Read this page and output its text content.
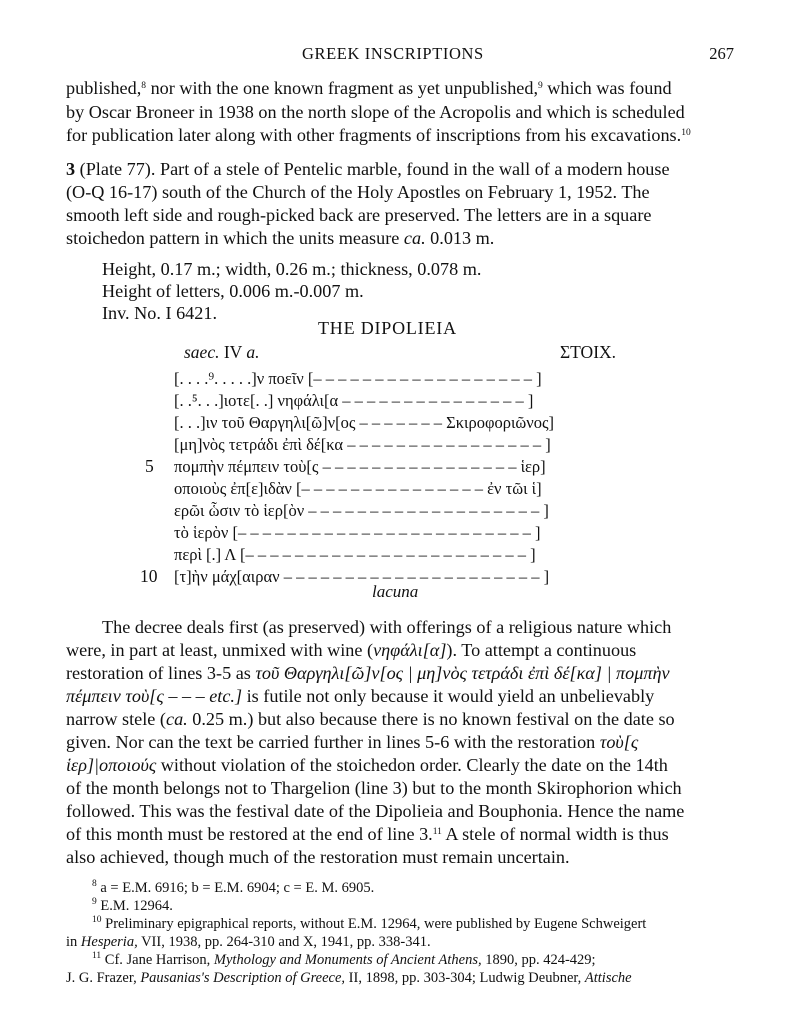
GREEK INSCRIPTIONS	267
published,$^8$ nor with the one known fragment as yet unpublished,$^9$ which was found
by Oscar Broneer in 1938 on the north slope of the Acropolis and which is scheduled
for publication later along with other fragments of inscriptions from his excavations.$^{10}$
3 (Plate 77). Part of a stele of Pentelic marble, found in the wall of a modern house
(O-Q 16-17) south of the Church of the Holy Apostles on February 1, 1952. The
smooth left side and rough-picked back are preserved. The letters are in a square
stoichedon pattern in which the units measure ca. 0.013 m.
Height, 0.17 m.; width, 0.26 m.; thickness, 0.078 m.
Height of letters, 0.006 m.-0.007 m.
Inv. No. I 6421.
THE DIPOLIEIA
saec. IV a.	ΣΤΟΙΧ.
[. . . .⁹. . . . .]ν ποεῖν [– – – – – – – – – – – – – – – – – – ]
[. .⁵. . .]ιοτε[. .] νηφάλι[α – – – – – – – – – – – – – – – ]
[. . .]ιν τοῦ Θαργηλι[ῶ]ν[ος – – – – – – – Σκιροφοριῶνος]
[μη]νὸς τετράδι ἐπὶ δέ[κα – – – – – – – – – – – – – – – – ]
5 πομπὴν πέμπειν τοὺ[ς – – – – – – – – – – – – – – – – ἱερ]
οποιοὺς ἐπ[ε]ιδὰν [– – – – – – – – – – – – – – – ἐν τῶι ἱ]
ερῶι ὧσιν τὸ ἱερ[ὸν – – – – – – – – – – – – – – – – – – – ]
τὸ ἱερὸν [– – – – – – – – – – – – – – – – – – – – – – – – ]
περὶ [.] Λ [– – – – – – – – – – – – – – – – – – – – – – – ]
10 [τ]ὴν μάχ[αιραν – – – – – – – – – – – – – – – – – – – – – ]
lacuna
The decree deals first (as preserved) with offerings of a religious nature which
were, in part at least, unmixed with wine (νηφάλι[α]). To attempt a continuous
restoration of lines 3-5 as τοῦ Θαργηλι[ῶ]ν[ος | μη]νὸς τετράδι ἐπὶ δέ[κα] | πομπὴν
πέμπειν τοὺ[ς – – – etc.] is futile not only because it would yield an unbelievably
narrow stele (ca. 0.25 m.) but also because there is no known festival on the date so
given. Nor can the text be carried further in lines 5-6 with the restoration τοὺ[ς
ἱερ]|οποιούς without violation of the stoichedon order. Clearly the date on the 14th
of the month belongs not to Thargelion (line 3) but to the month Skirophorion which
followed. This was the festival date of the Dipolieia and Bouphonia. Hence the name
of this month must be restored at the end of line 3.11 A stele of normal width is thus
also achieved, though much of the restoration must remain uncertain.
$^8$ a = E.M. 6916; b = E.M. 6904; c = E. M. 6905.
$^9$ E.M. 12964.
$^{10}$ Preliminary epigraphical reports, without E.M. 12964, were published by Eugene Schweigert
in Hesperia, VII, 1938, pp. 264-310 and X, 1941, pp. 338-341.
$^{11}$ Cf. Jane Harrison, Mythology and Monuments of Ancient Athens, 1890, pp. 424-429;
J. G. Frazer, Pausanias's Description of Greece, II, 1898, pp. 303-304; Ludwig Deubner, Attische
